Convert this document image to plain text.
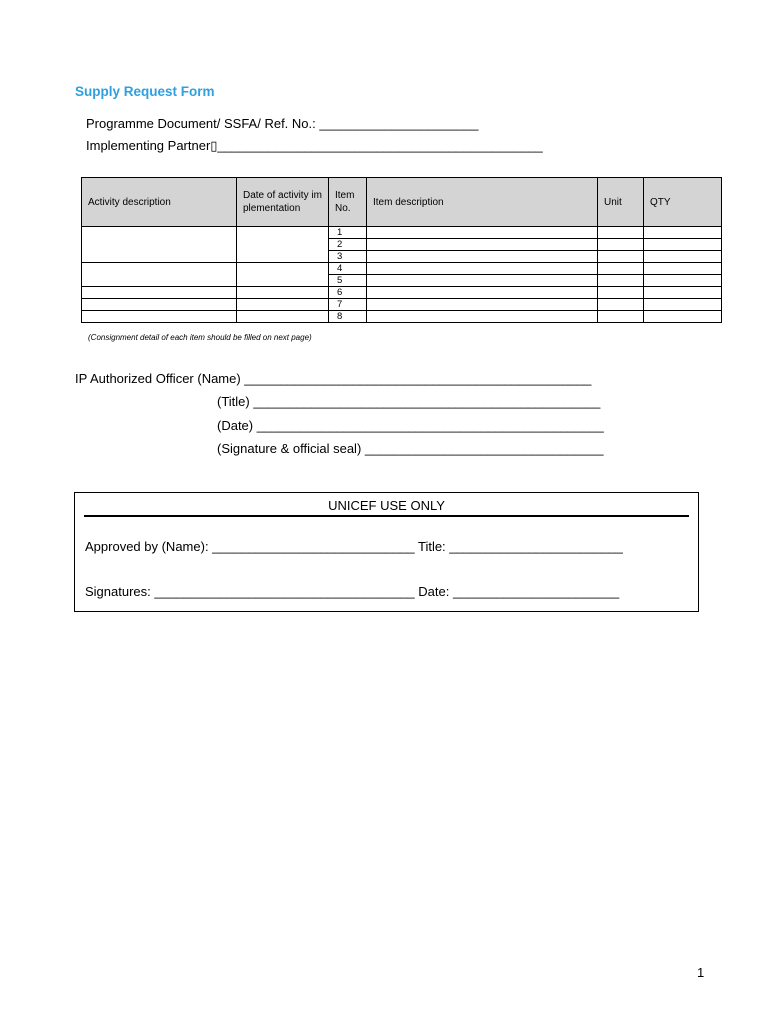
Supply Request Form
Programme Document/ SSFA/ Ref. No.: ______________________
Implementing Partner▯_____________________________________________
Activity description	Date of activity implementation	Item No.	Item description	Unit	QTY
		1			
		2			
		3			
		4			
		5			
		6			
		7			
		8			
(Consignment detail of each item should be filled on next page)
IP Authorized Officer (Name) ________________________________________________
(Title) ________________________________________________
(Date) ________________________________________________
(Signature & official seal) _________________________________
UNICEF USE ONLY
Approved by (Name): ____________________________ Title: ________________________
Signatures: ____________________________________ Date: _______________________
1
